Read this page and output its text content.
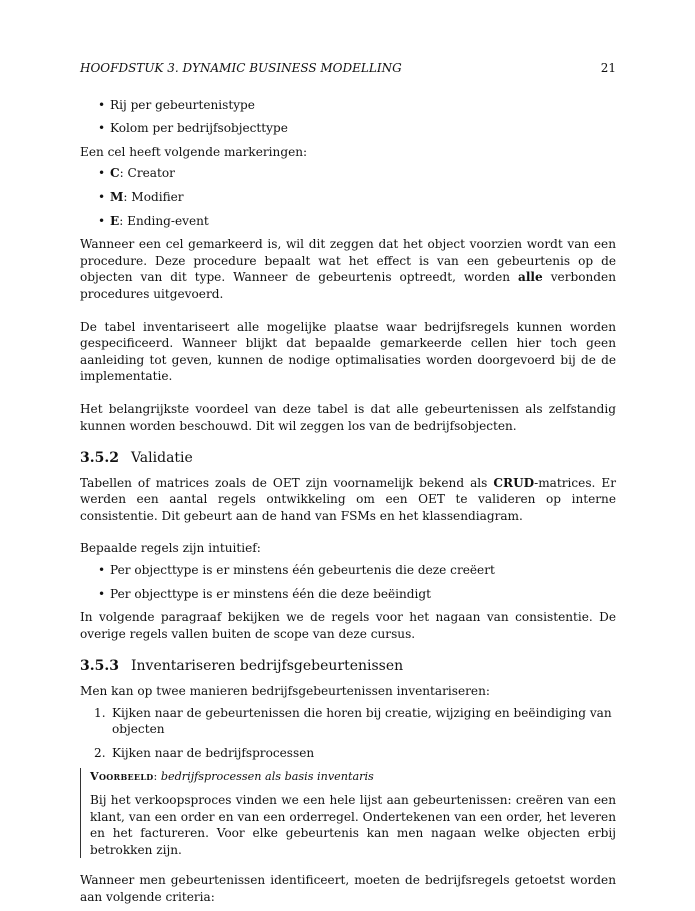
HOOFDSTUK 3. DYNAMIC BUSINESS MODELLING	21
• Rij per gebeurtenistype
• Kolom per bedrijfsobjecttype

Een cel heeft volgende markeringen:

• C: Creator
• M: Modifier
• E: Ending-event

Wanneer een cel gemarkeerd is, wil dit zeggen dat het object voorzien wordt van een procedure. Deze procedure bepaalt wat het effect is van een gebeurtenis op de objecten van dit type. Wanneer de gebeurtenis optreedt, worden alle verbonden procedures uitgevoerd.

De tabel inventariseert alle mogelijke plaatse waar bedrijfsregels kunnen worden gespecificeerd. Wanneer blijkt dat bepaalde gemarkeerde cellen hier toch geen aanleiding tot geven, kunnen de nodige optimalisaties worden doorgevoerd bij de de implementatie.

Het belangrijkste voordeel van deze tabel is dat alle gebeurtenissen als zelfstandig kunnen worden beschouwd. Dit wil zeggen los van de bedrijfsobjecten.

3.5.2 Validatie

Tabellen of matrices zoals de OET zijn voornamelijk bekend als CRUD-matrices. Er werden een aantal regels ontwikkeling om een OET te valideren op interne consistentie. Dit gebeurt aan de hand van FSMs en het klassendiagram.

Bepaalde regels zijn intuitief:

• Per objecttype is er minstens één gebeurtenis die deze creëert
• Per objecttype is er minstens één die deze beëindigt

In volgende paragraaf bekijken we de regels voor het nagaan van consistentie. De overige regels vallen buiten de scope van deze cursus.

3.5.3 Inventariseren bedrijfsgebeurtenissen

Men kan op twee manieren bedrijfsgebeurtenissen inventariseren:

1. Kijken naar de gebeurtenissen die horen bij creatie, wijziging en beëindiging van objecten
2. Kijken naar de bedrijfsprocessen
Voorbeeld: bedrijfsprocessen als basis inventaris

Bij het verkoopsproces vinden we een hele lijst aan gebeurtenissen: creëren van een klant, van een order en van een orderregel. Ondertekenen van een order, het leveren en het factureren. Voor elke gebeurtenis kan men nagaan welke objecten erbij betrokken zijn.

Wanneer men gebeurtenissen identificeert, moeten de bedrijfsregels getoetst worden aan volgende criteria:
